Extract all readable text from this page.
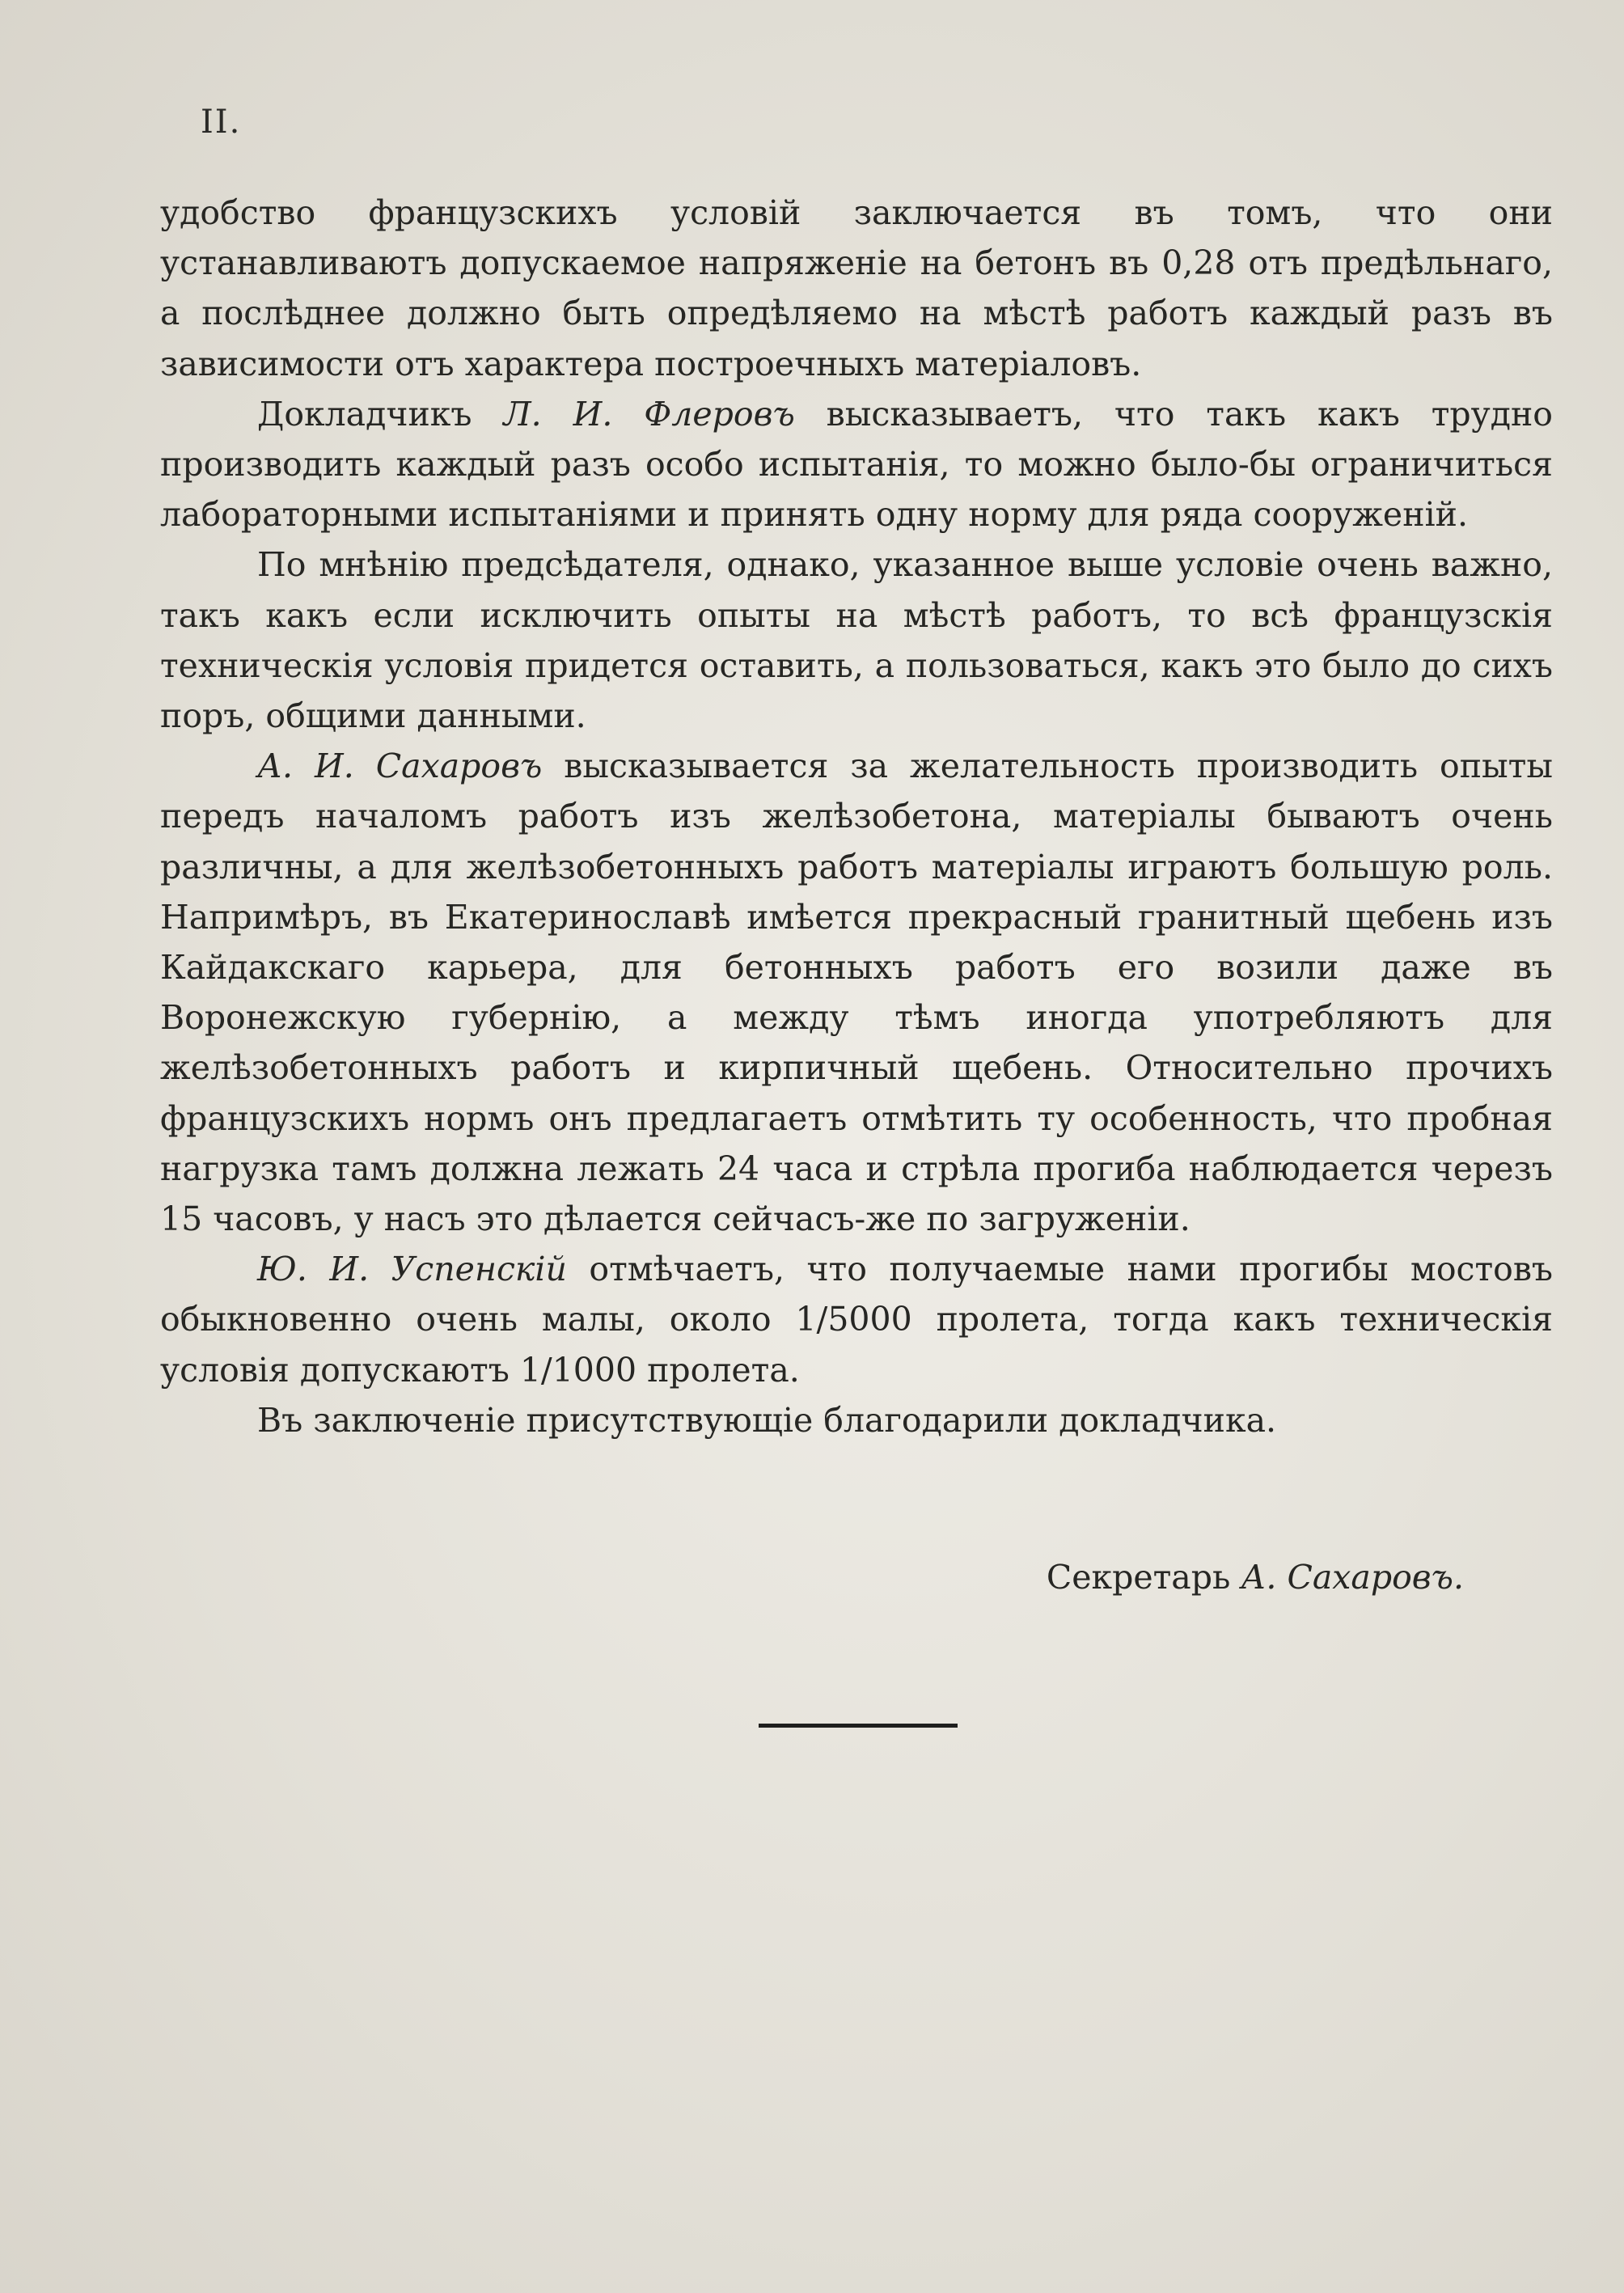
II.

удобство французскихъ условій заключается въ томъ, что они устанавливаютъ допускаемое напряженіе на бетонъ въ 0,28 отъ предѣльнаго, а послѣднее должно быть опредѣляемо на мѣстѣ работъ каждый разъ въ зависимости отъ характера построечныхъ матеріаловъ.

Докладчикъ Л. И. Флеровъ высказываетъ, что такъ какъ трудно производить каждый разъ особо испытанія, то можно было-бы ограничиться лабораторными испытаніями и принять одну норму для ряда сооруженій.

По мнѣнію предсѣдателя, однако, указанное выше условіе очень важно, такъ какъ если исключить опыты на мѣстѣ работъ, то всѣ французскія техническія условія придется оставить, а пользоваться, какъ это было до сихъ поръ, общими данными.

А. И. Сахаровъ высказывается за желательность производить опыты передъ началомъ работъ изъ желѣзобетона, матеріалы бываютъ очень различны, а для желѣзобетонныхъ работъ матеріалы играютъ большую роль. Напримѣръ, въ Екатеринославѣ имѣется прекрасный гранитный щебень изъ Кайдакскаго карьера, для бетонныхъ работъ его возили даже въ Воронежскую губернію, а между тѣмъ иногда употребляютъ для желѣзобетонныхъ работъ и кирпичный щебень. Относительно прочихъ французскихъ нормъ онъ предлагаетъ отмѣтить ту особенность, что пробная нагрузка тамъ должна лежать 24 часа и стрѣла прогиба наблюдается черезъ 15 часовъ, у насъ это дѣлается сейчасъ-же по загруженіи.

Ю. И. Успенскій отмѣчаетъ, что получаемые нами прогибы мостовъ обыкновенно очень малы, около 1/5000 пролета, тогда какъ техническія условія допускаютъ 1/1000 пролета.

Въ заключеніе присутствующіе благодарили докладчика.

Секретарь А. Сахаровъ.
